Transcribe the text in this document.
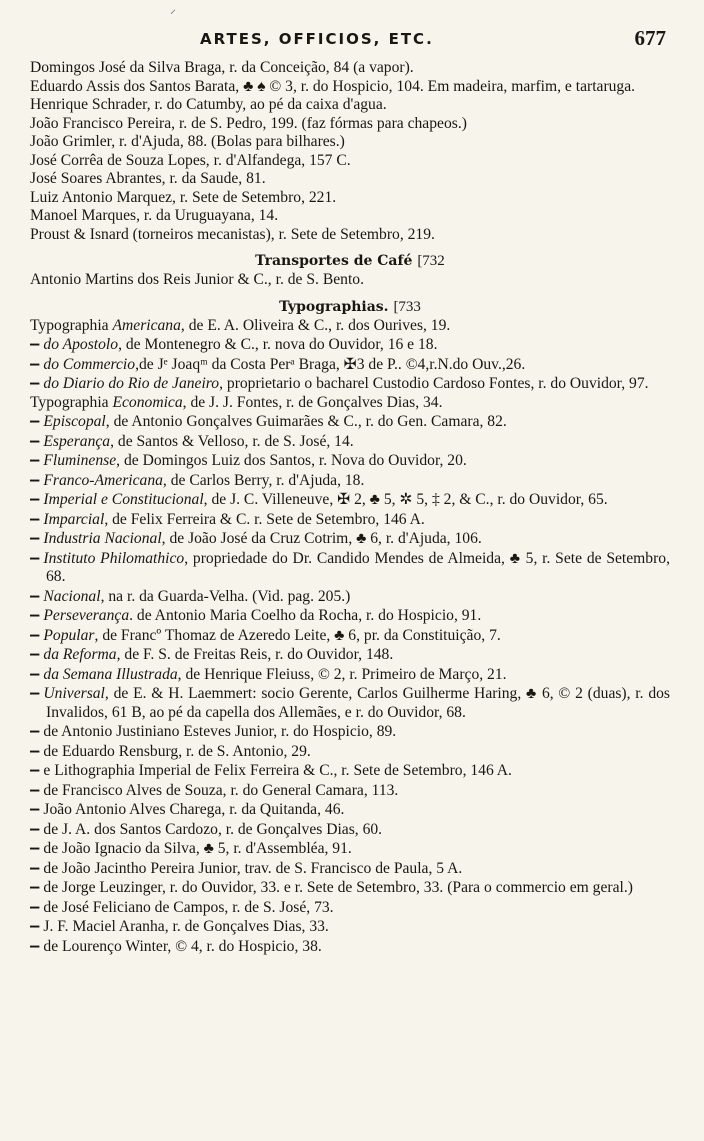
⸝
ARTES, OFFICIOS, ETC.	677

Domingos José da Silva Braga, r. da Conceição, 84 (a vapor).

Eduardo Assis dos Santos Barata, ♣ ♠ © 3, r. do Hospicio, 104. Em madeira, marfim, e tartaruga.

Henrique Schrader, r. do Catumby, ao pé da caixa d'agua.

João Francisco Pereira, r. de S. Pedro, 199. (faz fórmas para chapeos.)

João Grimler, r. d'Ajuda, 88. (Bolas para bilhares.)

José Corrêa de Souza Lopes, r. d'Alfandega, 157 C.

José Soares Abrantes, r. da Saude, 81.

Luiz Antonio Marquez, r. Sete de Setembro, 221.

Manoel Marques, r. da Uruguayana, 14.

Proust & Isnard (torneiros mecanistas), r. Sete de Setembro, 219.

Transportes de Café [732

Antonio Martins dos Reis Junior & C., r. de S. Bento.

Typographias. [733

Typographia Americana, de E. A. Oliveira & C., r. dos Ourives, 19.

— do Apostolo, de Montenegro & C., r. nova do Ouvidor, 16 e 18.

— do Commercio,de Jᵉ Joaqᵐ da Costa Perᵃ Braga, ✠3 de P.. ©4,r.N.do Ouv.,26.

— do Diario do Rio de Janeiro, proprietario o bacharel Custodio Cardoso Fontes, r. do Ouvidor, 97.

Typographia Economica, de J. J. Fontes, r. de Gonçalves Dias, 34.

— Episcopal, de Antonio Gonçalves Guimarães & C., r. do Gen. Camara, 82.

— Esperança, de Santos & Velloso, r. de S. José, 14.

— Fluminense, de Domingos Luiz dos Santos, r. Nova do Ouvidor, 20.

— Franco-Americana, de Carlos Berry, r. d'Ajuda, 18.

— Imperial e Constitucional, de J. C. Villeneuve, ✠ 2, ♣ 5, ✲ 5, ‡ 2, & C., r. do Ouvidor, 65.

— Imparcial, de Felix Ferreira & C. r. Sete de Setembro, 146 A.

— Industria Nacional, de João José da Cruz Cotrim, ♣ 6, r. d'Ajuda, 106.

— Instituto Philomathico, propriedade do Dr. Candido Mendes de Almeida, ♣ 5, r. Sete de Setembro, 68.

— Nacional, na r. da Guarda-Velha. (Vid. pag. 205.)

— Perseverança. de Antonio Maria Coelho da Rocha, r. do Hospicio, 91.

— Popular, de Francº Thomaz de Azeredo Leite, ♣ 6, pr. da Constituição, 7.

— da Reforma, de F. S. de Freitas Reis, r. do Ouvidor, 148.

— da Semana Illustrada, de Henrique Fleiuss, © 2, r. Primeiro de Março, 21.

— Universal, de E. & H. Laemmert: socio Gerente, Carlos Guilherme Haring, ♣ 6, © 2 (duas), r. dos Invalidos, 61 B, ao pé da capella dos Allemães, e r. do Ouvidor, 68.

— de Antonio Justiniano Esteves Junior, r. do Hospicio, 89.

— de Eduardo Rensburg, r. de S. Antonio, 29.

— e Lithographia Imperial de Felix Ferreira & C., r. Sete de Setembro, 146 A.

— de Francisco Alves de Souza, r. do General Camara, 113.

— João Antonio Alves Charega, r. da Quitanda, 46.

— de J. A. dos Santos Cardozo, r. de Gonçalves Dias, 60.

— de João Ignacio da Silva, ♣ 5, r. d'Assembléa, 91.

— de João Jacintho Pereira Junior, trav. de S. Francisco de Paula, 5 A.

— de Jorge Leuzinger, r. do Ouvidor, 33. e r. Sete de Setembro, 33. (Para o commercio em geral.)

— de José Feliciano de Campos, r. de S. José, 73.

— J. F. Maciel Aranha, r. de Gonçalves Dias, 33.

— de Lourenço Winter, © 4, r. do Hospicio, 38.
